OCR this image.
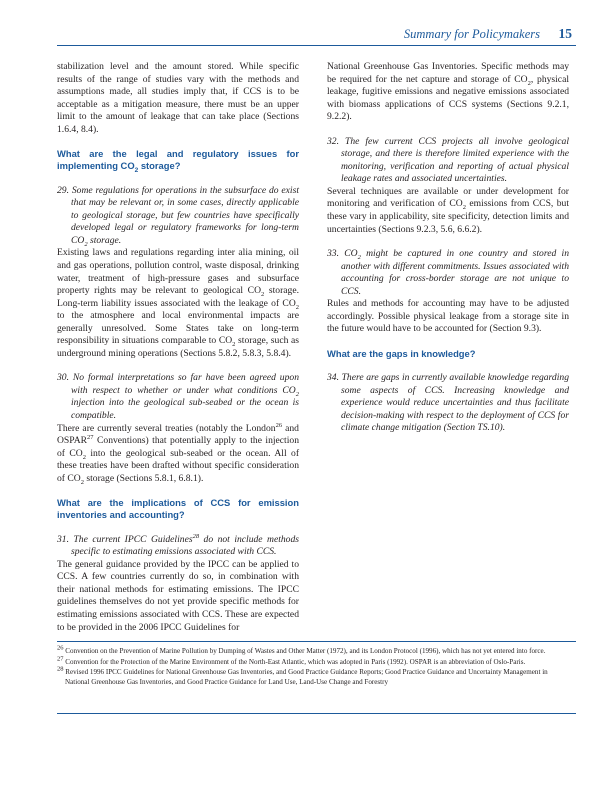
Summary for Policymakers 15

stabilization level and the amount stored. While specific results of the range of studies vary with the methods and assumptions made, all studies imply that, if CCS is to be acceptable as a mitigation measure, there must be an upper limit to the amount of leakage that can take place (Sections 1.6.4, 8.4).

What are the legal and regulatory issues for implementing $CO_2$ storage?

29. Some regulations for operations in the subsurface do exist that may be relevant or, in some cases, directly applicable to geological storage, but few countries have specifically developed legal or regulatory frameworks for long-term $CO_2$ storage.

Existing laws and regulations regarding inter alia mining, oil and gas operations, pollution control, waste disposal, drinking water, treatment of high-pressure gases and subsurface property rights may be relevant to geological $CO_2$ storage. Long-term liability issues associated with the leakage of $CO_2$ to the atmosphere and local environmental impacts are generally unresolved. Some States take on long-term responsibility in situations comparable to $CO_2$ storage, such as underground mining operations (Sections 5.8.2, 5.8.3, 5.8.4).

30. No formal interpretations so far have been agreed upon with respect to whether or under what conditions $CO_2$ injection into the geological sub-seabed or the ocean is compatible.

There are currently several treaties (notably the London$^{26}$ and OSPAR$^{27}$ Conventions) that potentially apply to the injection of $CO_2$ into the geological sub-seabed or the ocean. All of these treaties have been drafted without specific consideration of $CO_2$ storage (Sections 5.8.1, 6.8.1).

What are the implications of CCS for emission inventories and accounting?

31. The current IPCC Guidelines$^{28}$ do not include methods specific to estimating emissions associated with CCS.

The general guidance provided by the IPCC can be applied to CCS. A few countries currently do so, in combination with their national methods for estimating emissions. The IPCC guidelines themselves do not yet provide specific methods for estimating emissions associated with CCS. These are expected to be provided in the 2006 IPCC Guidelines for

National Greenhouse Gas Inventories. Specific methods may be required for the net capture and storage of $CO_2$, physical leakage, fugitive emissions and negative emissions associated with biomass applications of CCS systems (Sections 9.2.1, 9.2.2).

32. The few current CCS projects all involve geological storage, and there is therefore limited experience with the monitoring, verification and reporting of actual physical leakage rates and associated uncertainties.

Several techniques are available or under development for monitoring and verification of $CO_2$ emissions from CCS, but these vary in applicability, site specificity, detection limits and uncertainties (Sections 9.2.3, 5.6, 6.6.2).

33. $CO_2$ might be captured in one country and stored in another with different commitments. Issues associated with accounting for cross-border storage are not unique to CCS.

Rules and methods for accounting may have to be adjusted accordingly. Possible physical leakage from a storage site in the future would have to be accounted for (Section 9.3).

What are the gaps in knowledge?

34. There are gaps in currently available knowledge regarding some aspects of CCS. Increasing knowledge and experience would reduce uncertainties and thus facilitate decision-making with respect to the deployment of CCS for climate change mitigation (Section TS.10).

$^{26}$ Convention on the Prevention of Marine Pollution by Dumping of Wastes and Other Matter (1972), and its London Protocol (1996), which has not yet entered into force.

$^{27}$ Convention for the Protection of the Marine Environment of the North-East Atlantic, which was adopted in Paris (1992). OSPAR is an abbreviation of Oslo-Paris.

$^{28}$ Revised 1996 IPCC Guidelines for National Greenhouse Gas Inventories, and Good Practice Guidance Reports; Good Practice Guidance and Uncertainty Management in National Greenhouse Gas Inventories, and Good Practice Guidance for Land Use, Land-Use Change and Forestry
